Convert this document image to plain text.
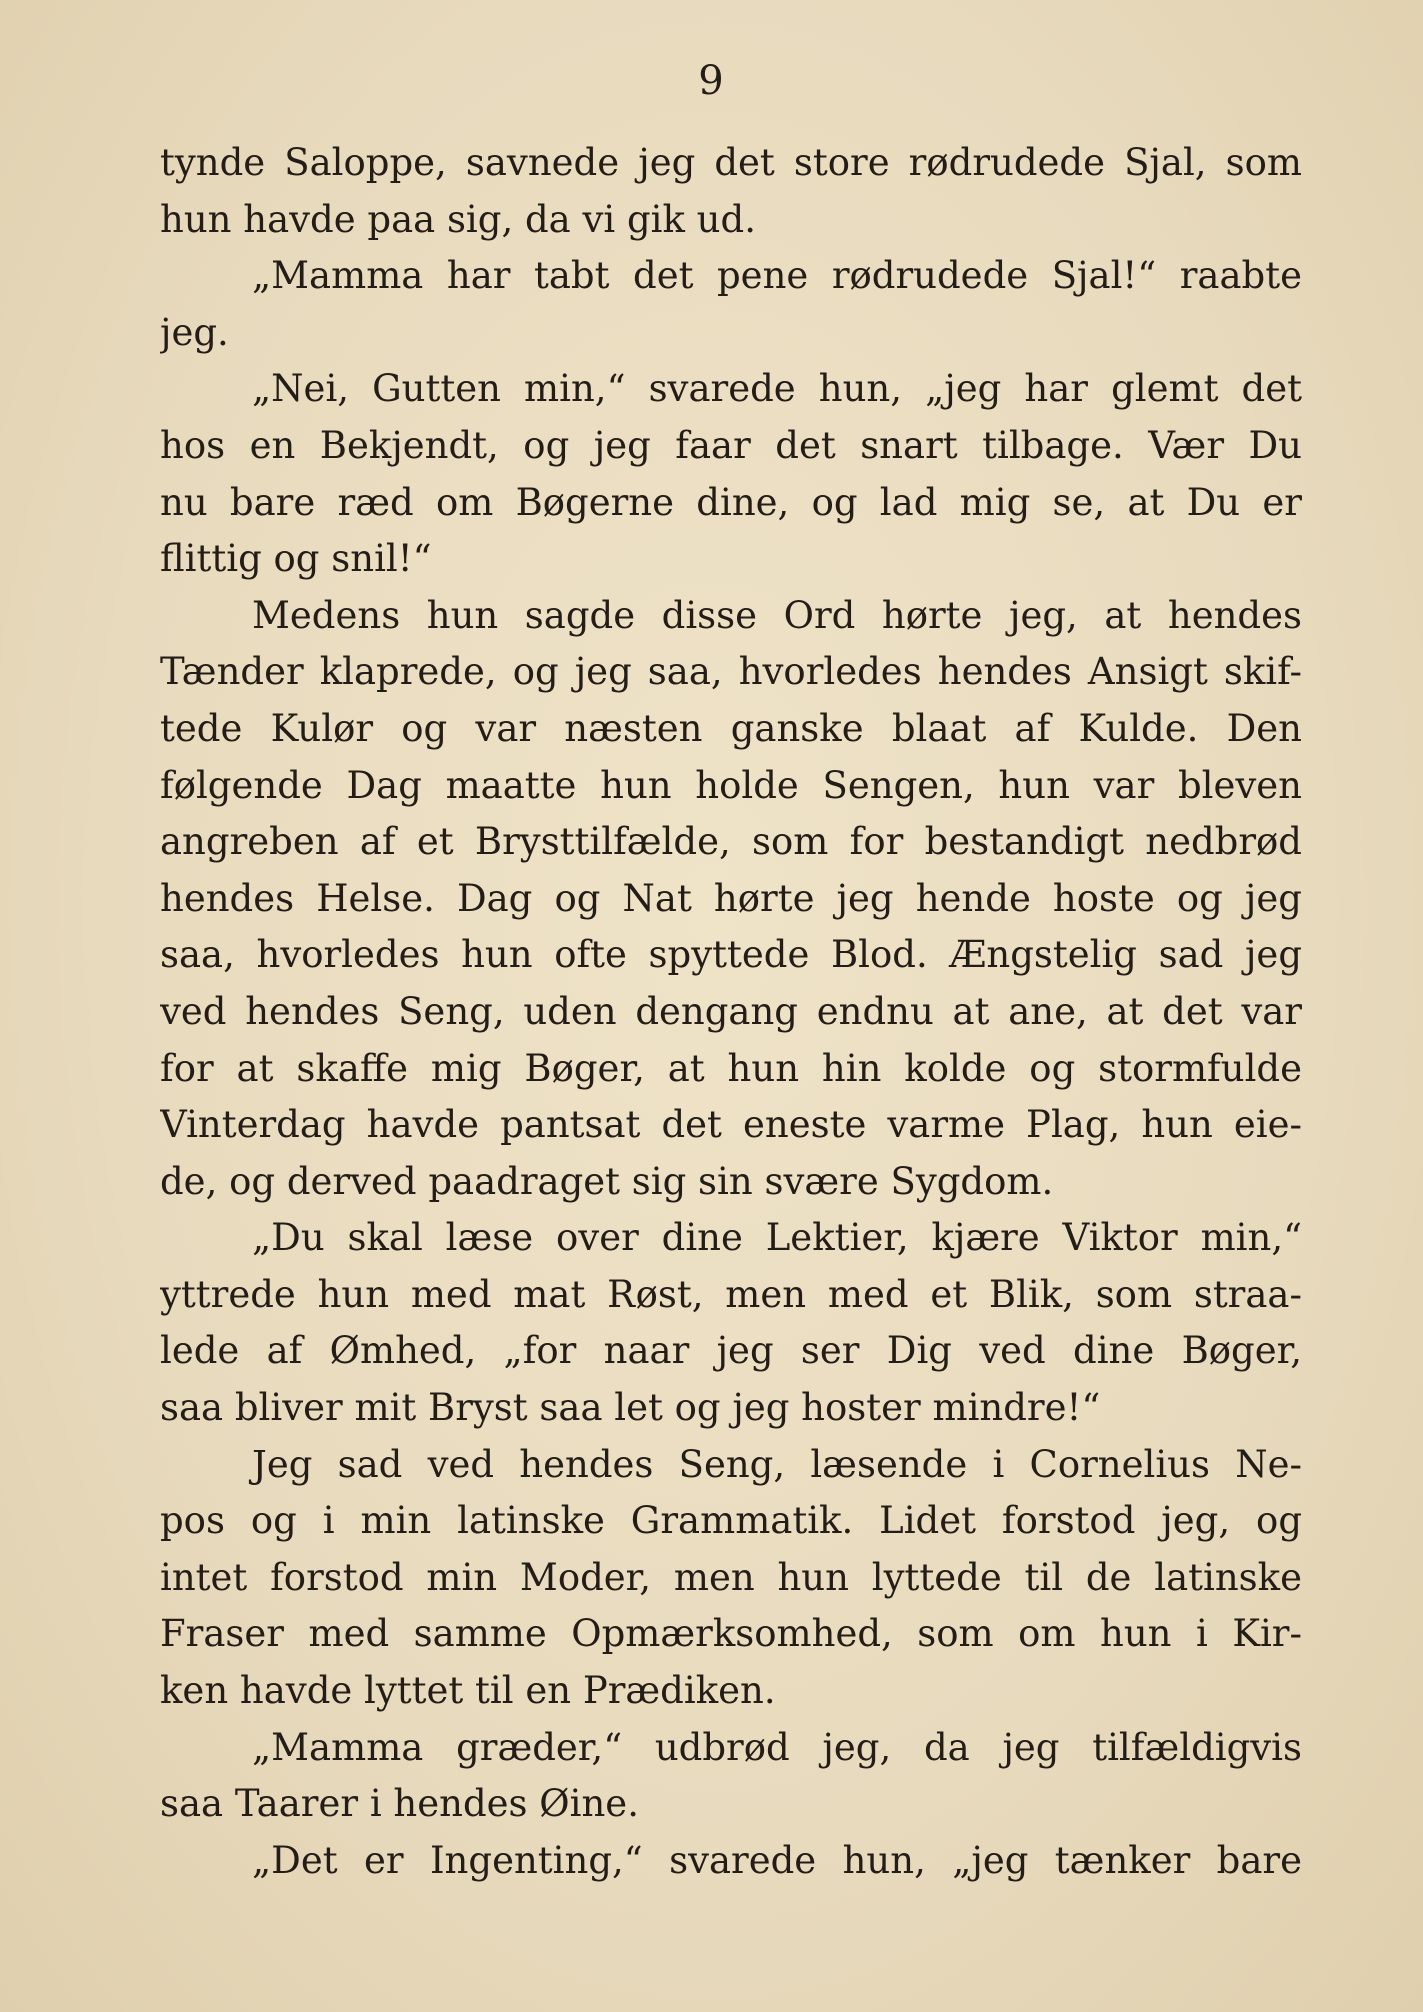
9
tynde Saloppe, savnede jeg det store rødrudede Sjal, som
hun havde paa sig, da vi gik ud.
„Mamma har tabt det pene rødrudede Sjal!“ raabte
jeg.
„Nei, Gutten min,“ svarede hun, „jeg har glemt det
hos en Bekjendt, og jeg faar det snart tilbage. Vær Du
nu bare ræd om Bøgerne dine, og lad mig se, at Du er
flittig og snil!“
Medens hun sagde disse Ord hørte jeg, at hendes
Tænder klaprede, og jeg saa, hvorledes hendes Ansigt skif-
tede Kulør og var næsten ganske blaat af Kulde. Den
følgende Dag maatte hun holde Sengen, hun var bleven
angreben af et Brysttilfælde, som for bestandigt nedbrød
hendes Helse. Dag og Nat hørte jeg hende hoste og jeg
saa, hvorledes hun ofte spyttede Blod. Ængstelig sad jeg
ved hendes Seng, uden dengang endnu at ane, at det var
for at skaffe mig Bøger, at hun hin kolde og stormfulde
Vinterdag havde pantsat det eneste varme Plag, hun eie-
de, og derved paadraget sig sin svære Sygdom.
„Du skal læse over dine Lektier, kjære Viktor min,“
yttrede hun med mat Røst, men med et Blik, som straa-
lede af Ømhed, „for naar jeg ser Dig ved dine Bøger,
saa bliver mit Bryst saa let og jeg hoster mindre!“
Jeg sad ved hendes Seng, læsende i Cornelius Ne-
pos og i min latinske Grammatik. Lidet forstod jeg, og
intet forstod min Moder, men hun lyttede til de latinske
Fraser med samme Opmærksomhed, som om hun i Kir-
ken havde lyttet til en Prædiken.
„Mamma græder,“ udbrød jeg, da jeg tilfældigvis
saa Taarer i hendes Øine.
„Det er Ingenting,“ svarede hun, „jeg tænker bare
